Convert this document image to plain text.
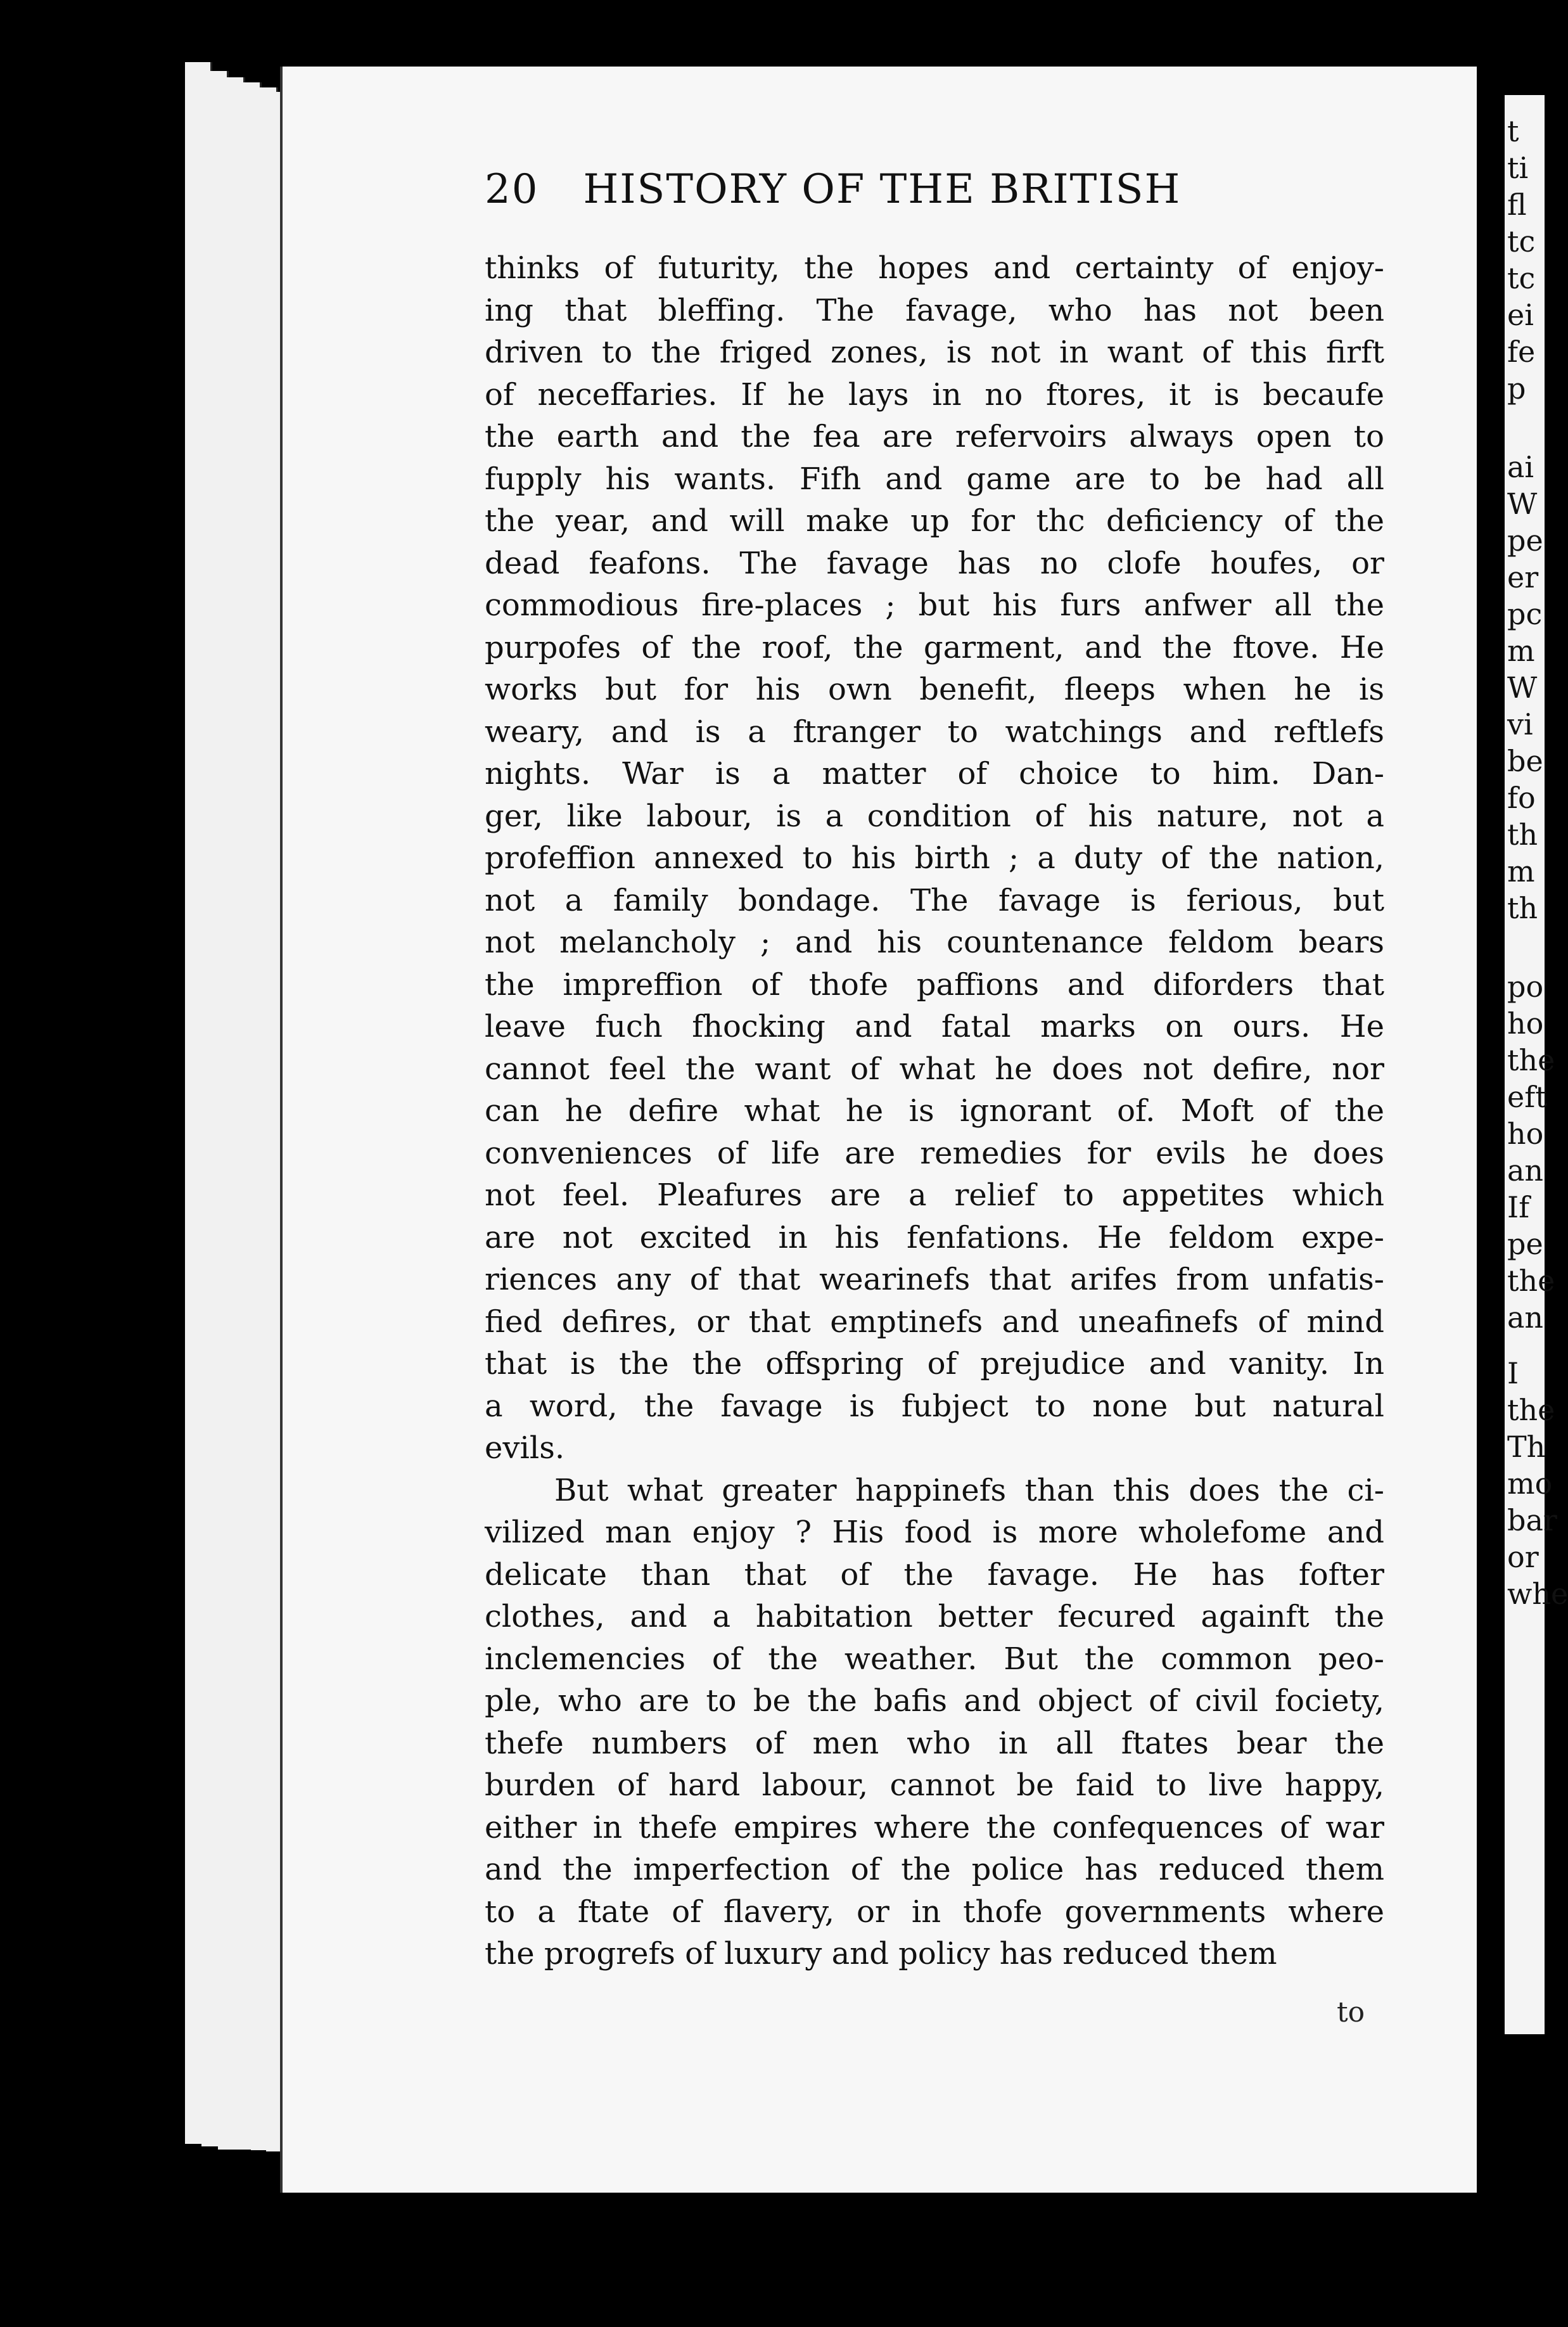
20 HISTORY OF THE BRITISH
thinks of futurity, the hopes and certainty of enjoy-
ing that bleffing. The favage, who has not been
driven to the friged zones, is not in want of this firft
of neceffaries. If he lays in no ftores, it is becaufe
the earth and the fea are refervoirs always open to
fupply his wants. Fifh and game are to be had all
the year, and will make up for thc deficiency of the
dead feafons. The favage has no clofe houfes, or
commodious fire-places ; but his furs anfwer all the
purpofes of the roof, the garment, and the ftove. He
works but for his own benefit, fleeps when he is
weary, and is a ftranger to watchings and reftlefs
nights. War is a matter of choice to him. Dan-
ger, like labour, is a condition of his nature, not a
profeffion annexed to his birth ; a duty of the nation,
not a family bondage. The favage is ferious, but
not melancholy ; and his countenance feldom bears
the impreffion of thofe paffions and diforders that
leave fuch fhocking and fatal marks on ours. He
cannot feel the want of what he does not defire, nor
can he defire what he is ignorant of. Moft of the
conveniences of life are remedies for evils he does
not feel. Pleafures are a relief to appetites which
are not excited in his fenfations. He feldom expe-
riences any of that wearinefs that arifes from unfatis-
fied defires, or that emptinefs and uneafinefs of mind
that is the the offspring of prejudice and vanity. In
a word, the favage is fubject to none but natural
evils.
But what greater happinefs than this does the ci-
vilized man enjoy ? His food is more wholefome and
delicate than that of the favage. He has fofter
clothes, and a habitation better fecured againft the
inclemencies of the weather. But the common peo-
ple, who are to be the bafis and object of civil fociety,
thefe numbers of men who in all ftates bear the
burden of hard labour, cannot be faid to live happy,
either in thefe empires where the confequences of war
and the imperfection of the police has reduced them
to a ftate of flavery, or in thofe governments where
the progrefs of luxury and policy has reduced them
to
t
ti
fl
tc
tc
ei
fe
p
ai
W
pe
er
pc
m
W
vi
be
fo
th
m
th
po
ho
the
eft
ho
an
If
pe
the
an
I
the
Th
mo
bar
or
whe
